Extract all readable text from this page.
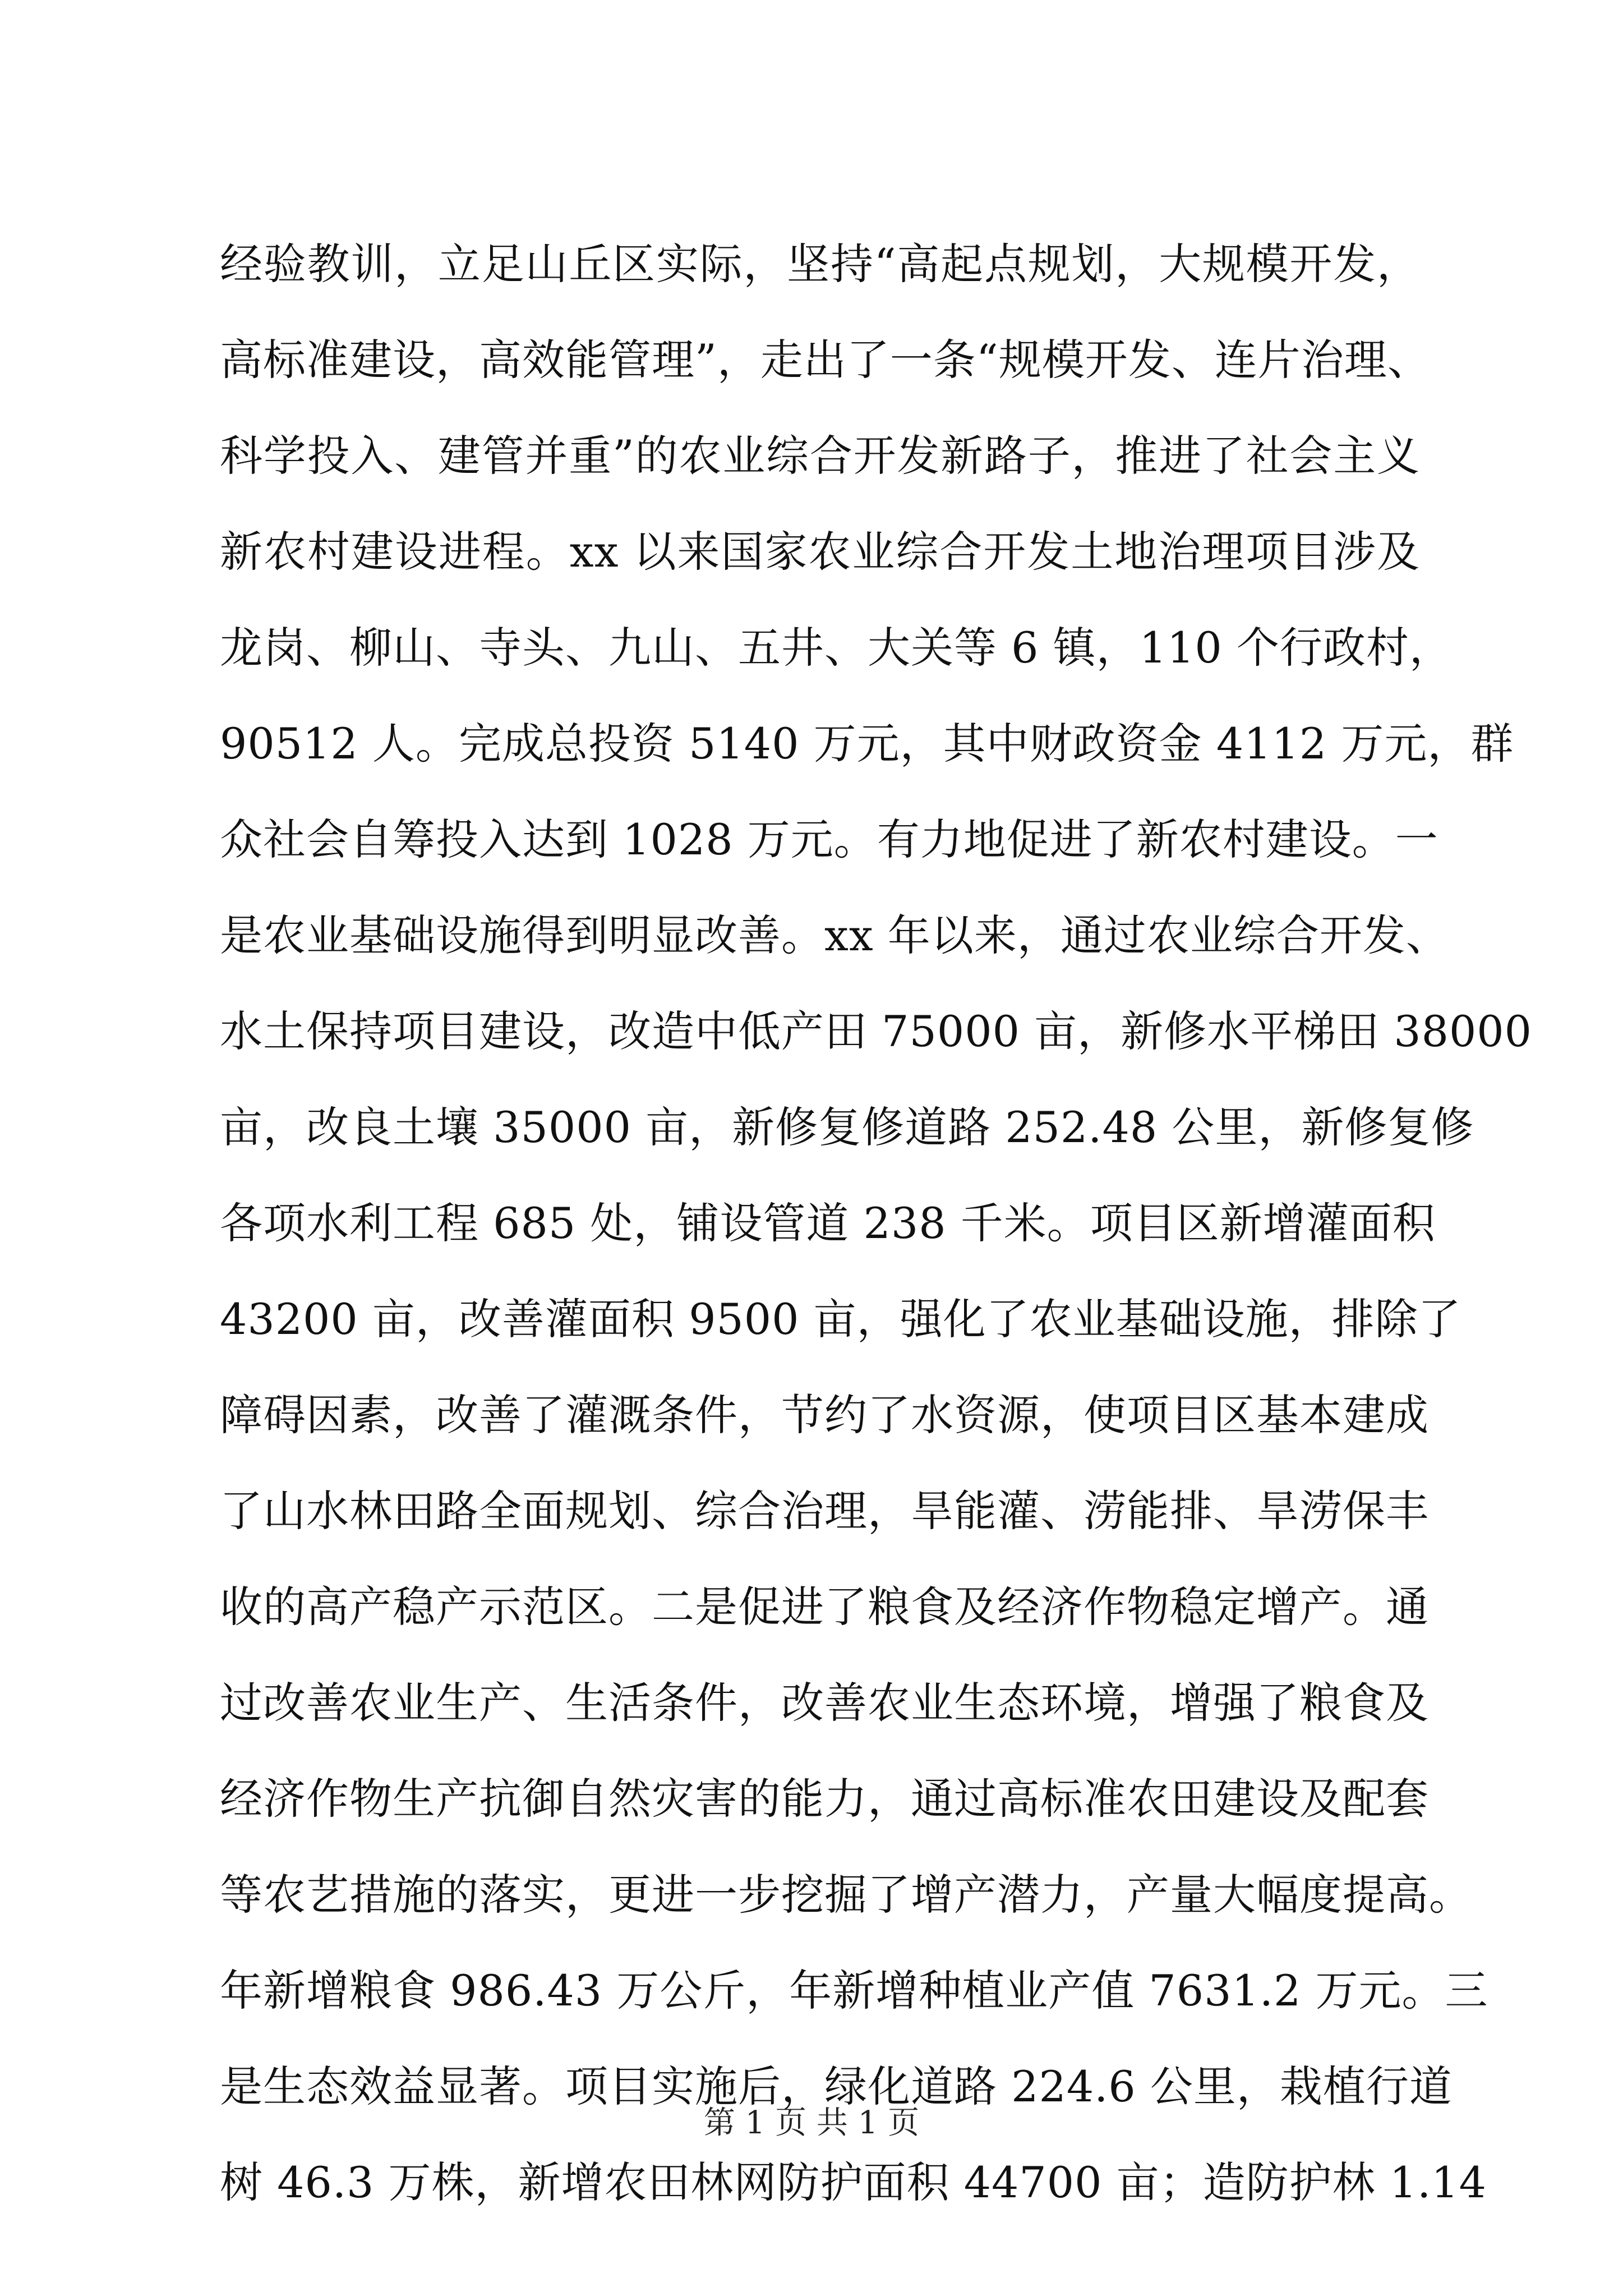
经验教训，立足山丘区实际，坚持“高起点规划，大规模开发，
高标准建设，高效能管理”，走出了一条“规模开发、连片治理、
科学投入、建管并重”的农业综合开发新路子，推进了社会主义
新农村建设进程。xx 以来国家农业综合开发土地治理项目涉及
龙岗、柳山、寺头、九山、五井、大关等 6 镇，110 个行政村，
90512 人。完成总投资 5140 万元，其中财政资金 4112 万元，群
众社会自筹投入达到 1028 万元。有力地促进了新农村建设。一
是农业基础设施得到明显改善。xx 年以来，通过农业综合开发、
水土保持项目建设，改造中低产田 75000 亩，新修水平梯田 38000
亩，改良土壤 35000 亩，新修复修道路 252.48 公里，新修复修
各项水利工程 685 处，铺设管道 238 千米。项目区新增灌面积
43200 亩，改善灌面积 9500 亩，强化了农业基础设施，排除了
障碍因素，改善了灌溉条件，节约了水资源，使项目区基本建成
了山水林田路全面规划、综合治理，旱能灌、涝能排、旱涝保丰
收的高产稳产示范区。二是促进了粮食及经济作物稳定增产。通
过改善农业生产、生活条件，改善农业生态环境，增强了粮食及
经济作物生产抗御自然灾害的能力，通过高标准农田建设及配套
等农艺措施的落实，更进一步挖掘了增产潜力，产量大幅度提高。
年新增粮食 986.43 万公斤，年新增种植业产值 7631.2 万元。三
是生态效益显著。项目实施后，绿化道路 224.6 公里，栽植行道
树 46.3 万株，新增农田林网防护面积 44700 亩；造防护林 1.14
第 1 页 共 1 页
